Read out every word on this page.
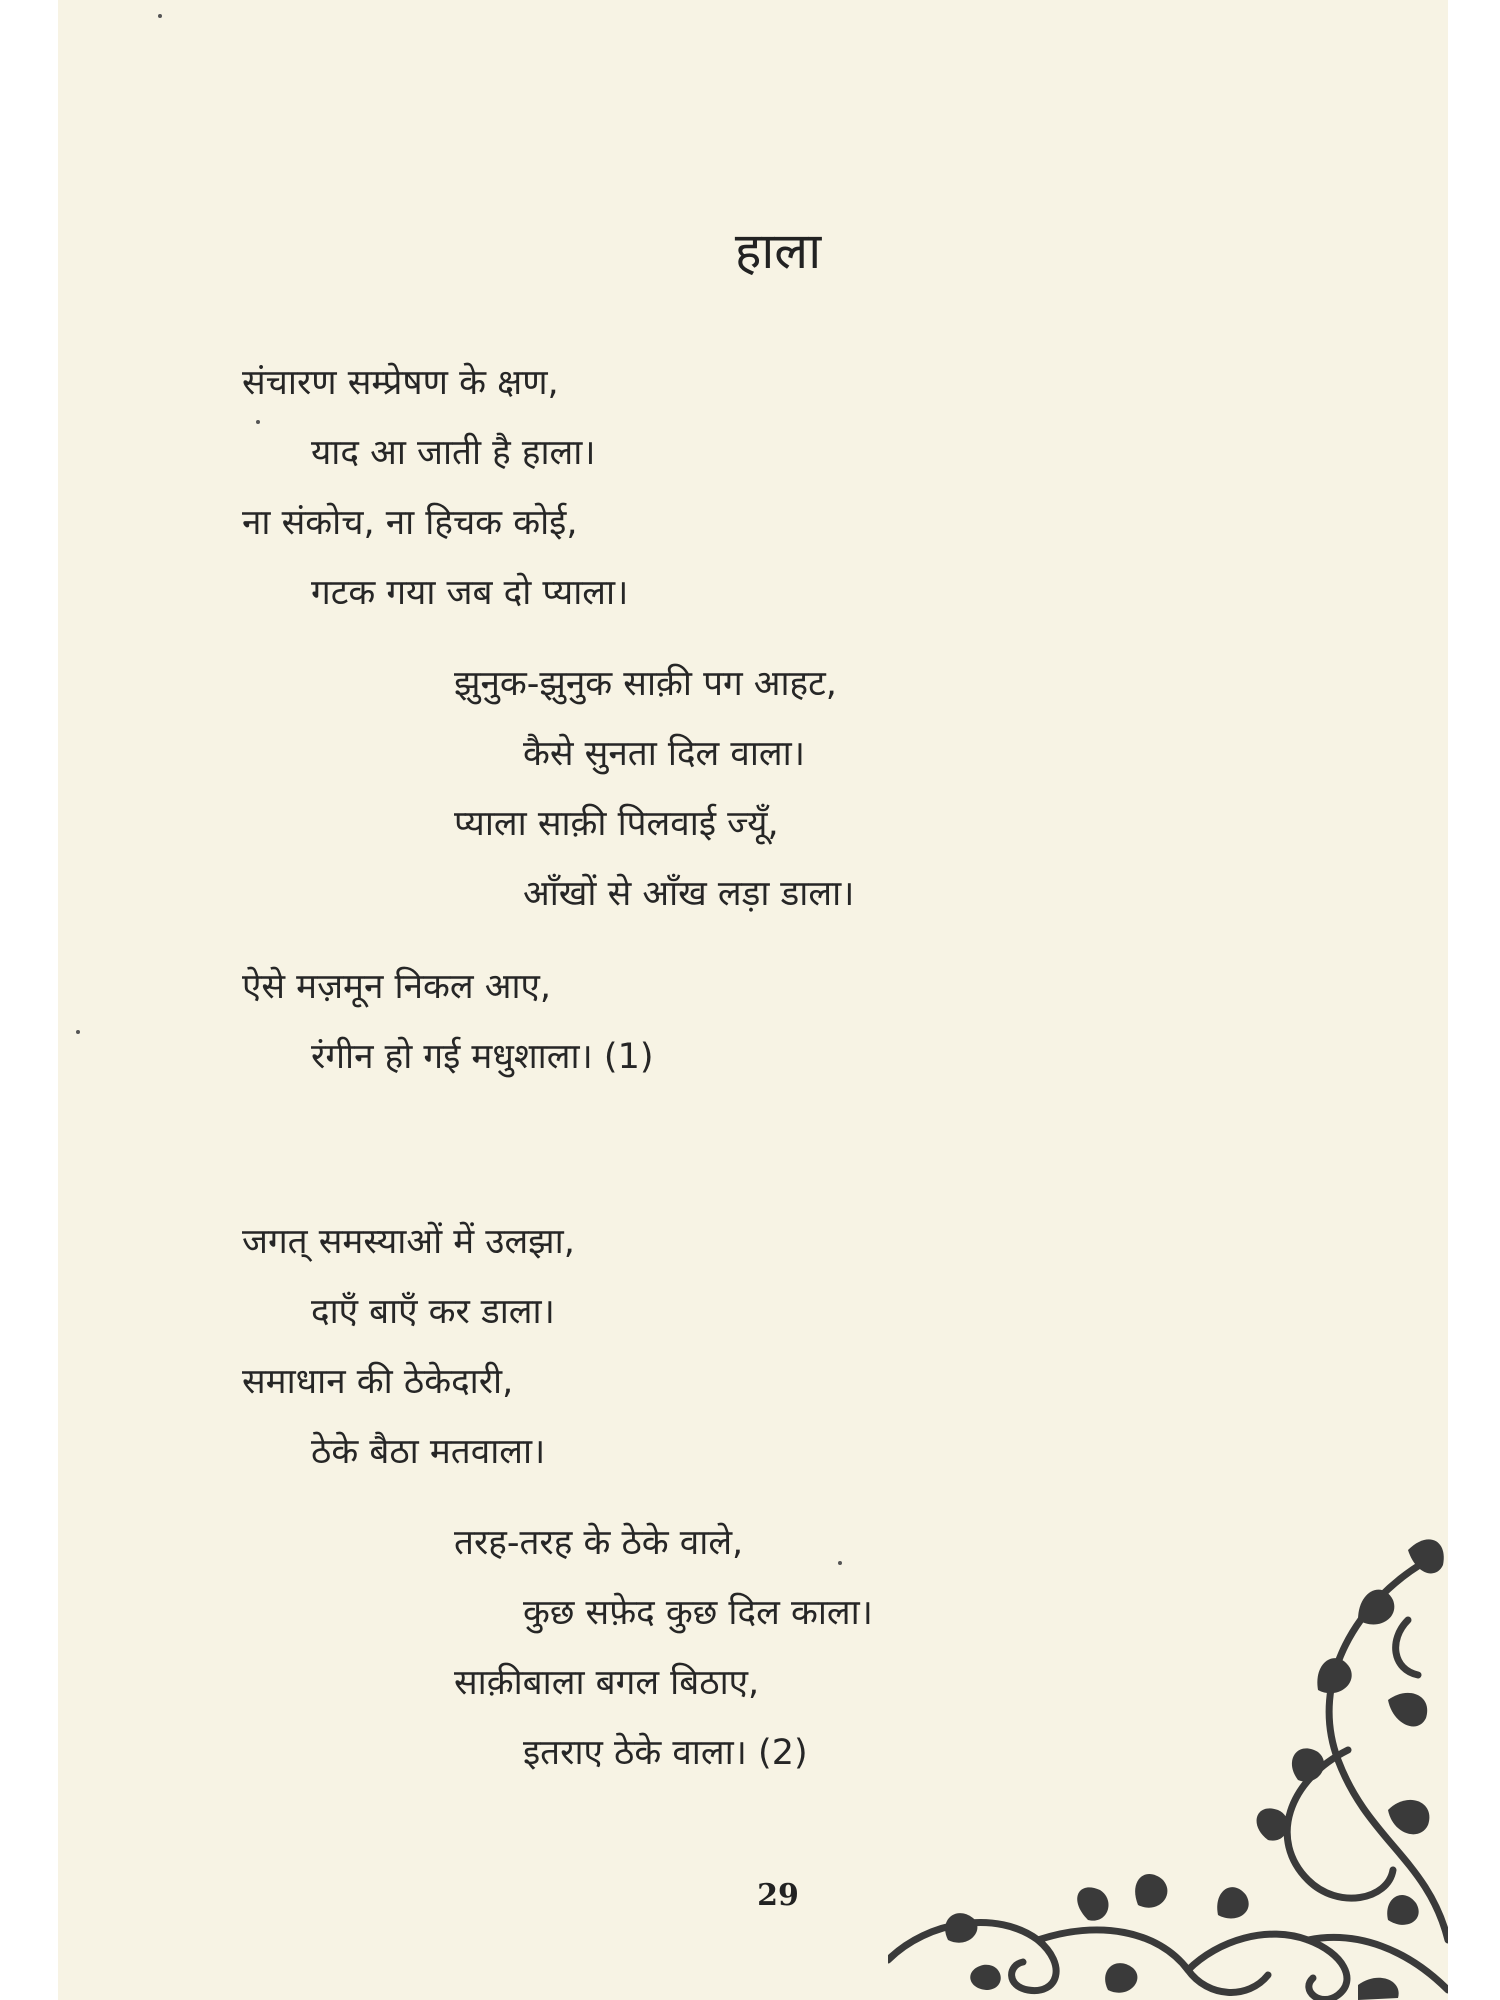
हाला
संचारण सम्प्रेषण के क्षण,
याद आ जाती है हाला।
ना संकोच, ना हिचक कोई,
गटक गया जब दो प्याला।
झुनुक-झुनुक साक़ी पग आहट,
कैसे सुनता दिल वाला।
प्याला साक़ी पिलवाई ज्यूँ,
आँखों से आँख लड़ा डाला।
ऐसे मज़मून निकल आए,
रंगीन हो गई मधुशाला। (1)
जगत् समस्याओं में उलझा,
दाएँ बाएँ कर डाला।
समाधान की ठेकेदारी,
ठेके बैठा मतवाला।
तरह-तरह के ठेके वाले,
कुछ सफ़ेद कुछ दिल काला।
साक़ीबाला बगल बिठाए,
इतराए ठेके वाला। (2)
29
